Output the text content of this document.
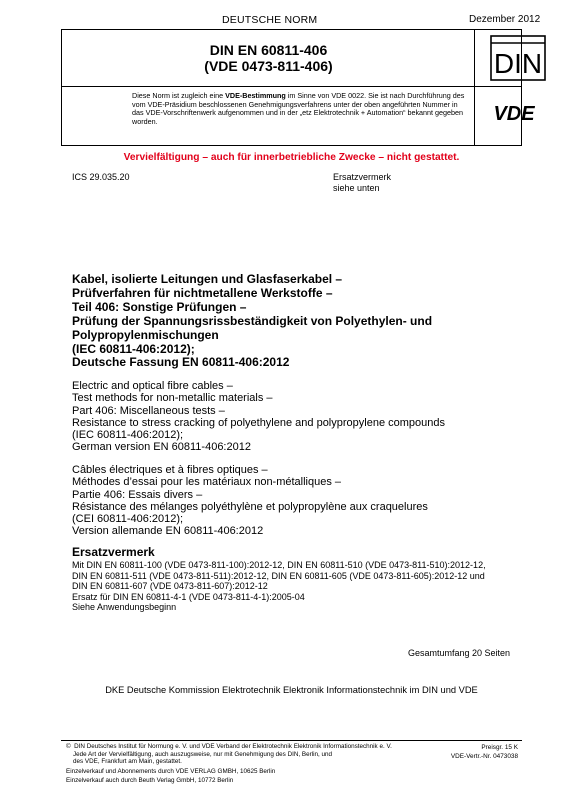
DEUTSCHE NORM	Dezember 2012
DIN EN 60811-406
(VDE 0473-811-406)	DIN
VDE
Diese Norm ist zugleich eine VDE-Bestimmung im Sinne von VDE 0022. Sie ist nach Durchführung des vom VDE-Präsidium beschlossenen Genehmigungsverfahrens unter der oben angeführten Nummer in das VDE-Vorschriftenwerk aufgenommen und in der „etz Elektrotechnik + Automation“ bekannt gegeben worden.
Vervielfältigung – auch für innerbetriebliche Zwecke – nicht gestattet.
ICS 29.035.20	Ersatzvermerk
siehe unten
Kabel, isolierte Leitungen und Glasfaserkabel –
Prüfverfahren für nichtmetallene Werkstoffe –
Teil 406: Sonstige Prüfungen –
Prüfung der Spannungsrissbeständigkeit von Polyethylen- und
Polypropylenmischungen
(IEC 60811-406:2012);
Deutsche Fassung EN 60811-406:2012
Electric and optical fibre cables –
Test methods for non-metallic materials –
Part 406: Miscellaneous tests –
Resistance to stress cracking of polyethylene and polypropylene compounds
(IEC 60811-406:2012);
German version EN 60811-406:2012
Câbles électriques et à fibres optiques –
Méthodes d’essai pour les matériaux non-métalliques –
Partie 406: Essais divers –
Résistance des mélanges polyéthylène et polypropylène aux craquelures
(CEI 60811-406:2012);
Version allemande EN 60811-406:2012
Ersatzvermerk
Mit DIN EN 60811-100 (VDE 0473-811-100):2012-12, DIN EN 60811-510 (VDE 0473-811-510):2012-12,
DIN EN 60811-511 (VDE 0473-811-511):2012-12, DIN EN 60811-605 (VDE 0473-811-605):2012-12 und
DIN EN 60811-607 (VDE 0473-811-607):2012-12
Ersatz für DIN EN 60811-4-1 (VDE 0473-811-4-1):2005-04
Siehe Anwendungsbeginn
Gesamtumfang 20 Seiten
DKE Deutsche Kommission Elektrotechnik Elektronik Informationstechnik im DIN und VDE
©  DIN Deutsches Institut für Normung e. V. und VDE Verband der Elektrotechnik Elektronik Informationstechnik e. V.
Jede Art der Vervielfältigung, auch auszugsweise, nur mit Genehmigung des DIN, Berlin, und
des VDE, Frankfurt am Main, gestattet.
Preisgr. 15 K
VDE-Vertr.-Nr. 0473038
Einzelverkauf und Abonnements durch VDE VERLAG GMBH, 10625 Berlin
Einzelverkauf auch durch Beuth Verlag GmbH, 10772 Berlin
